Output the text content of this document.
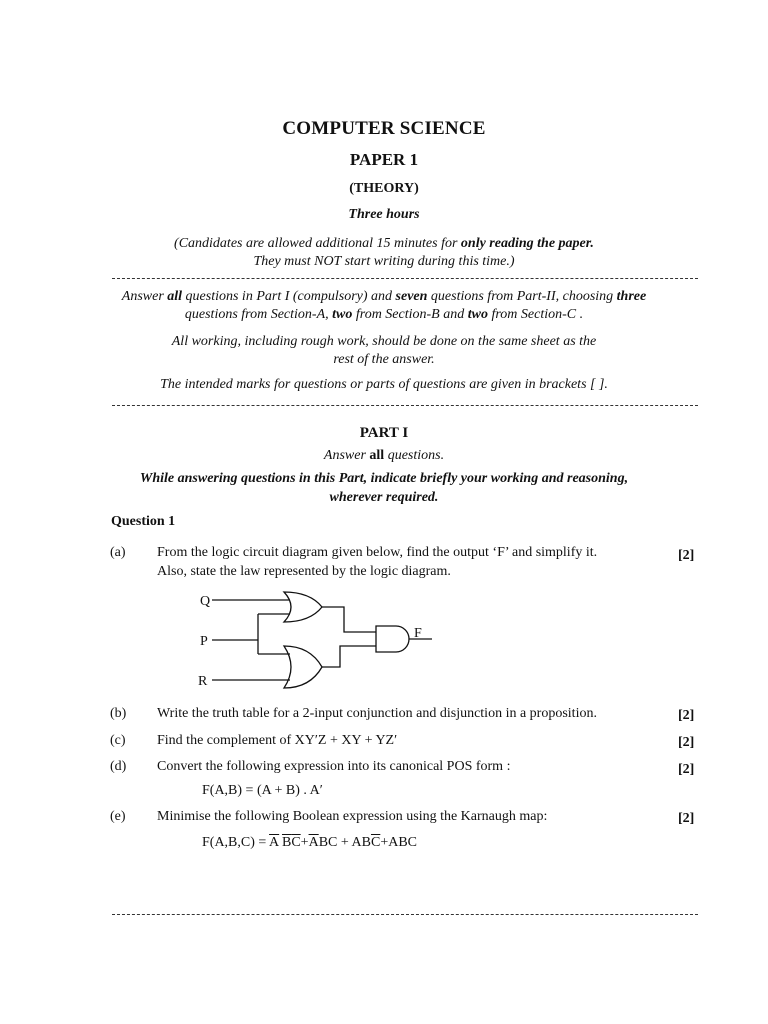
COMPUTER SCIENCE
PAPER 1
(THEORY)
Three hours
(Candidates are allowed additional 15 minutes for only reading the paper.
They must NOT start writing during this time.)
Answer all questions in Part I (compulsory) and seven questions from Part-II, choosing three
questions from Section-A, two from Section-B and two from Section-C .
All working, including rough work, should be done on the same sheet as the
rest of the answer.
The intended marks for questions or parts of questions are given in brackets [ ].
PART I
Answer all questions.
While answering questions in this Part, indicate briefly your working and reasoning,
wherever required.
Question 1
(a) From the logic circuit diagram given below, find the output ‘F’ and simplify it.
Also, state the law represented by the logic diagram.
[2]
Q
P
R
F
(b) Write the truth table for a 2-input conjunction and disjunction in a proposition.	[2]
(c) Find the complement of XY′Z + XY + YZ′	[2]
(d) Convert the following expression into its canonical POS form :	[2]
F(A,B) = (A + B) . A′
(e) Minimise the following Boolean expression using the Karnaugh map:	[2]
$F(A,B,C) = \overline{A}$  $\overline{B}\overline{C}+\overline{A}BC + AB\overline{C}+ABC$
